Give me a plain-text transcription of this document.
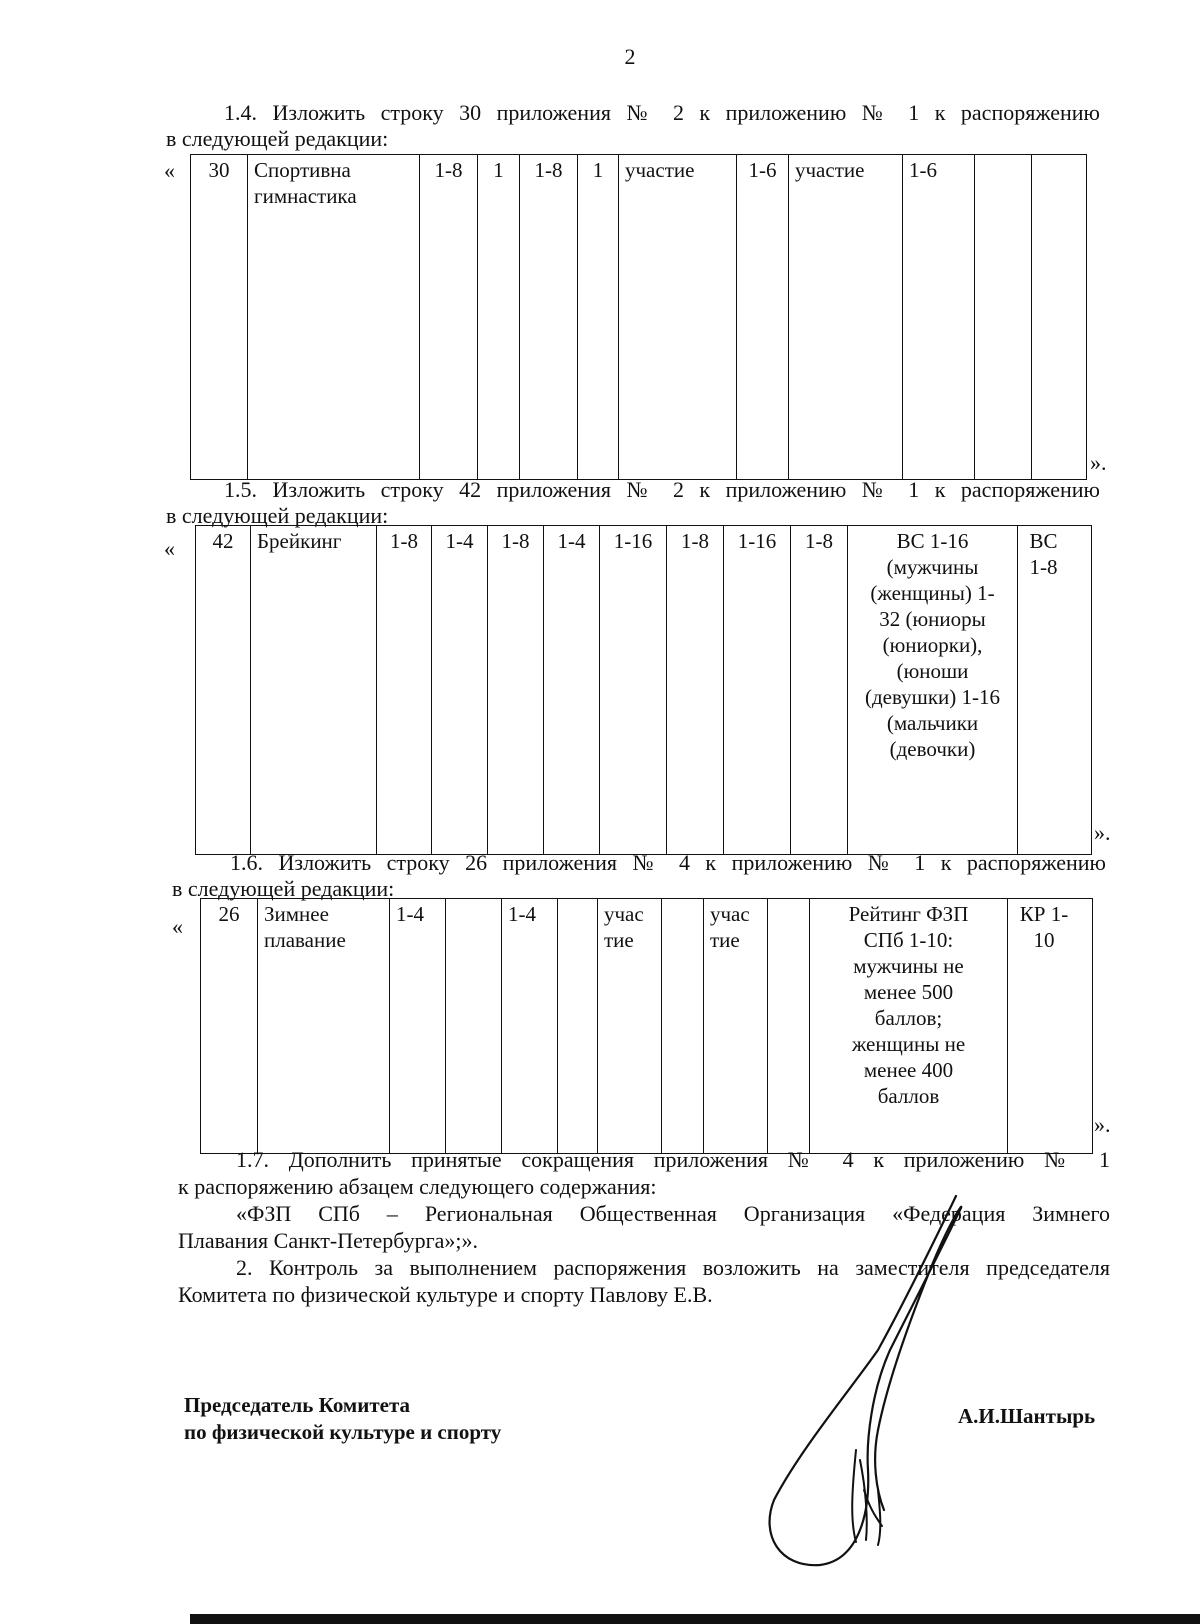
2
1.4. Изложить строку 30 приложения № 2 к приложению № 1 к распоряжению
в следующей редакции:
« 30	Спортивна гимнастика	1-8	1	1-8	1	участие	1-6	участие	1-6		
».
1.5. Изложить строку 42 приложения № 2 к приложению № 1 к распоряжению
в следующей редакции:
« 42	Брейкинг	1-8	1-4	1-8	1-4	1-16	1-8	1-16	1-8	ВС 1-16 (мужчины (женщины) 1-32 (юниоры (юниорки), (юноши (девушки) 1-16 (мальчики (девочки)	ВС 1-8
».
1.6. Изложить строку 26 приложения № 4 к приложению № 1 к распоряжению
в следующей редакции:
« 26	Зимнее плавание	1-4		1-4		учас тие		учас тие		Рейтинг ФЗП СПб 1-10: мужчины не менее 500 баллов; женщины не менее 400 баллов	КР 1-10
».
1.7. Дополнить принятые сокращения приложения № 4 к приложению № 1
к распоряжению абзацем следующего содержания:
«ФЗП СПб – Региональная Общественная Организация «Федерация Зимнего
Плавания Санкт-Петербурга»;».
2. Контроль за выполнением распоряжения возложить на заместителя председателя
Комитета по физической культуре и спорту Павлову Е.В.
Председатель Комитета
по физической культуре и спорту
А.И.Шантырь
